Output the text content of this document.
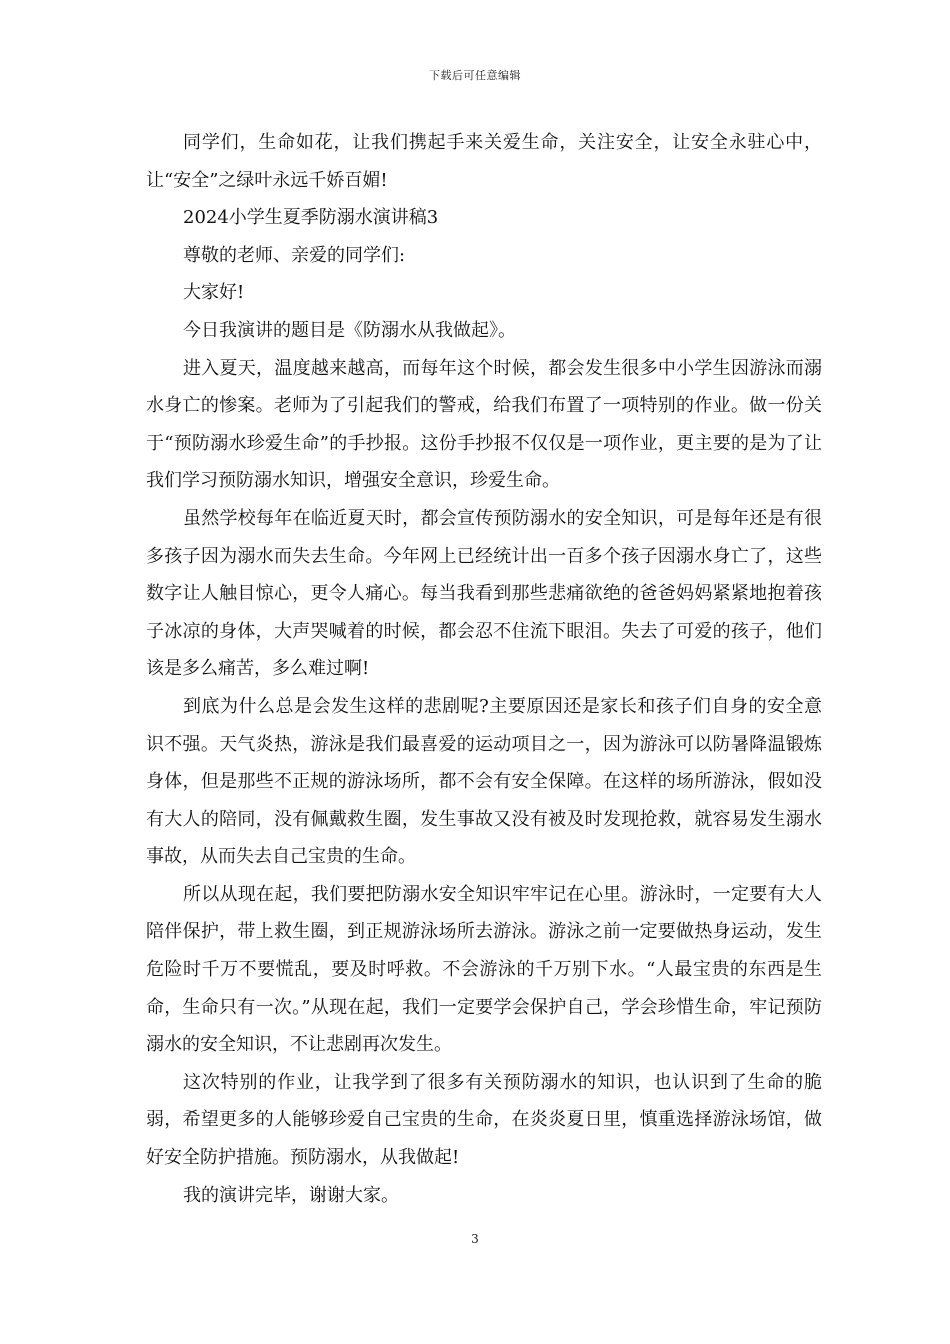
下载后可任意编辑

同学们，生命如花，让我们携起手来关爱生命，关注安全，让安全永驻心中，让“安全”之绿叶永远千娇百媚!

2024小学生夏季防溺水演讲稿3

尊敬的老师、亲爱的同学们:

大家好!

今日我演讲的题目是《防溺水从我做起》。

进入夏天，温度越来越高，而每年这个时候，都会发生很多中小学生因游泳而溺水身亡的惨案。老师为了引起我们的警戒，给我们布置了一项特别的作业。做一份关于“预防溺水珍爱生命”的手抄报。这份手抄报不仅仅是一项作业，更主要的是为了让我们学习预防溺水知识，增强安全意识，珍爱生命。

虽然学校每年在临近夏天时，都会宣传预防溺水的安全知识，可是每年还是有很多孩子因为溺水而失去生命。今年网上已经统计出一百多个孩子因溺水身亡了，这些数字让人触目惊心，更令人痛心。每当我看到那些悲痛欲绝的爸爸妈妈紧紧地抱着孩子冰凉的身体，大声哭喊着的时候，都会忍不住流下眼泪。失去了可爱的孩子，他们该是多么痛苦，多么难过啊!

到底为什么总是会发生这样的悲剧呢?主要原因还是家长和孩子们自身的安全意识不强。天气炎热，游泳是我们最喜爱的运动项目之一，因为游泳可以防暑降温锻炼身体，但是那些不正规的游泳场所，都不会有安全保障。在这样的场所游泳，假如没有大人的陪同，没有佩戴救生圈，发生事故又没有被及时发现抢救，就容易发生溺水事故，从而失去自己宝贵的生命。

所以从现在起，我们要把防溺水安全知识牢牢记在心里。游泳时，一定要有大人陪伴保护，带上救生圈，到正规游泳场所去游泳。游泳之前一定要做热身运动，发生危险时千万不要慌乱，要及时呼救。不会游泳的千万别下水。“人最宝贵的东西是生命，生命只有一次。”从现在起，我们一定要学会保护自己，学会珍惜生命，牢记预防溺水的安全知识，不让悲剧再次发生。

这次特别的作业，让我学到了很多有关预防溺水的知识，也认识到了生命的脆弱，希望更多的人能够珍爱自己宝贵的生命，在炎炎夏日里，慎重选择游泳场馆，做好安全防护措施。预防溺水，从我做起!

我的演讲完毕，谢谢大家。

3
